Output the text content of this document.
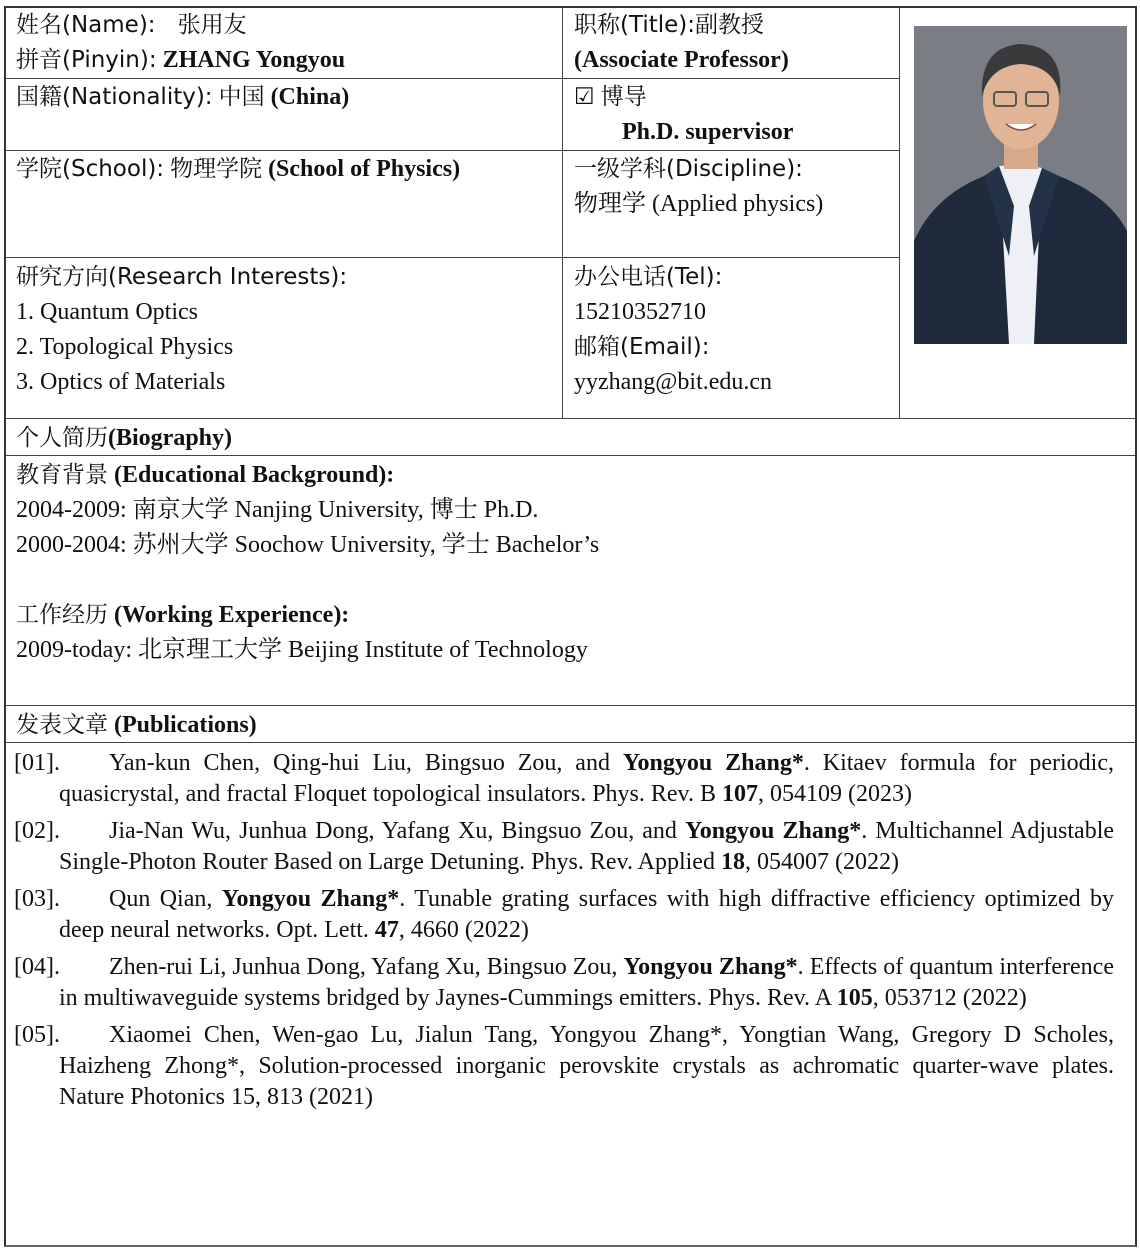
姓名(Name): 张用友
拼音(Pinyin): ZHANG Yongyou
国籍(Nationality): 中国 (China)
学院(School): 物理学院 (School of Physics)
研究方向(Research Interests):
1. Quantum Optics
2. Topological Physics
3. Optics of Materials
职称(Title):副教授
(Associate Professor)
☑ 博导
Ph.D. supervisor
一级学科(Discipline):
物理学 (Applied physics)
办公电话(Tel):
15210352710
邮箱(Email):
yyzhang@bit.edu.cn
个人简历(Biography)
教育背景 (Educational Background):
2004-2009: 南京大学 Nanjing University, 博士 Ph.D.
2000-2004: 苏州大学 Soochow University, 学士 Bachelor’s
工作经历 (Working Experience):
2009-today: 北京理工大学 Beijing Institute of Technology
发表文章 (Publications)
[01]. Yan-kun Chen, Qing-hui Liu, Bingsuo Zou, and Yongyou Zhang*. Kitaev formula for periodic, quasicrystal, and fractal Floquet topological insulators. Phys. Rev. B 107, 054109 (2023)
[02]. Jia-Nan Wu, Junhua Dong, Yafang Xu, Bingsuo Zou, and Yongyou Zhang*. Multichannel Adjustable Single-Photon Router Based on Large Detuning. Phys. Rev. Applied 18, 054007 (2022)
[03]. Qun Qian, Yongyou Zhang*. Tunable grating surfaces with high diffractive efficiency optimized by deep neural networks. Opt. Lett. 47, 4660 (2022)
[04]. Zhen-rui Li, Junhua Dong, Yafang Xu, Bingsuo Zou, Yongyou Zhang*. Effects of quantum interference in multiwaveguide systems bridged by Jaynes-Cummings emitters. Phys. Rev. A 105, 053712 (2022)
[05]. Xiaomei Chen, Wen-gao Lu, Jialun Tang, Yongyou Zhang*, Yongtian Wang, Gregory D Scholes, Haizheng Zhong*, Solution-processed inorganic perovskite crystals as achromatic quarter-wave plates. Nature Photonics 15, 813 (2021)
